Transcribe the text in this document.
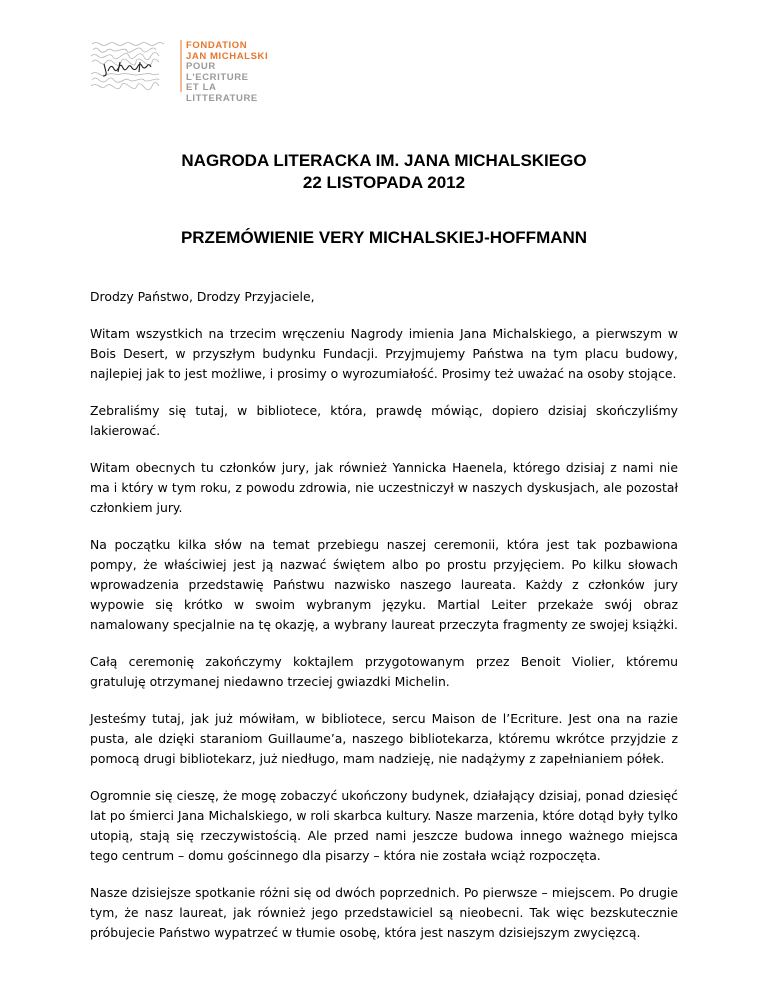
FONDATION
JAN MICHALSKI
POUR
L'ECRITURE
ET LA
LITTERATURE
NAGRODA LITERACKA IM. JANA MICHALSKIEGO
22 LISTOPADA 2012
PRZEMÓWIENIE VERY MICHALSKIEJ-HOFFMANN

Drodzy Państwo, Drodzy Przyjaciele,

Witam wszystkich na trzecim wręczeniu Nagrody imienia Jana Michalskiego, a pierwszym w Bois Desert, w przyszłym budynku Fundacji. Przyjmujemy Państwa na tym placu budowy, najlepiej jak to jest możliwe, i prosimy o wyrozumiałość. Prosimy też uważać na osoby stojące.

Zebraliśmy się tutaj, w bibliotece, która, prawdę mówiąc, dopiero dzisiaj skończyliśmy lakierować.

Witam obecnych tu członków jury, jak również Yannicka Haenela, którego dzisiaj z nami nie ma i który w tym roku, z powodu zdrowia, nie uczestniczył w naszych dyskusjach, ale pozostał członkiem jury.

Na początku kilka słów na temat przebiegu naszej ceremonii, która jest tak pozbawiona pompy, że właściwiej jest ją nazwać świętem albo po prostu przyjęciem. Po kilku słowach wprowadzenia przedstawię Państwu nazwisko naszego laureata. Każdy z członków jury wypowie się krótko w swoim wybranym języku. Martial Leiter przekaże swój obraz namalowany specjalnie na tę okazję, a wybrany laureat przeczyta fragmenty ze swojej książki.

Całą ceremonię zakończymy koktajlem przygotowanym przez Benoit Violier, któremu gratuluję otrzymanej niedawno trzeciej gwiazdki Michelin.

Jesteśmy tutaj, jak już mówiłam, w bibliotece, sercu Maison de l’Ecriture. Jest ona na razie pusta, ale dzięki staraniom Guillaume’a, naszego bibliotekarza, któremu wkrótce przyjdzie z pomocą drugi bibliotekarz, już niedługo, mam nadzieję, nie nadążymy z zapełnianiem półek.

Ogromnie się cieszę, że mogę zobaczyć ukończony budynek, działający dzisiaj, ponad dziesięć lat po śmierci Jana Michalskiego, w roli skarbca kultury. Nasze marzenia, które dotąd były tylko utopią, stają się rzeczywistością. Ale przed nami jeszcze budowa innego ważnego miejsca tego centrum – domu gościnnego dla pisarzy – która nie została wciąż rozpoczęta.

Nasze dzisiejsze spotkanie różni się od dwóch poprzednich. Po pierwsze – miejscem. Po drugie tym, że nasz laureat, jak również jego przedstawiciel są nieobecni. Tak więc bezskutecznie próbujecie Państwo wypatrzeć w tłumie osobę, która jest naszym dzisiejszym zwycięzcą.
